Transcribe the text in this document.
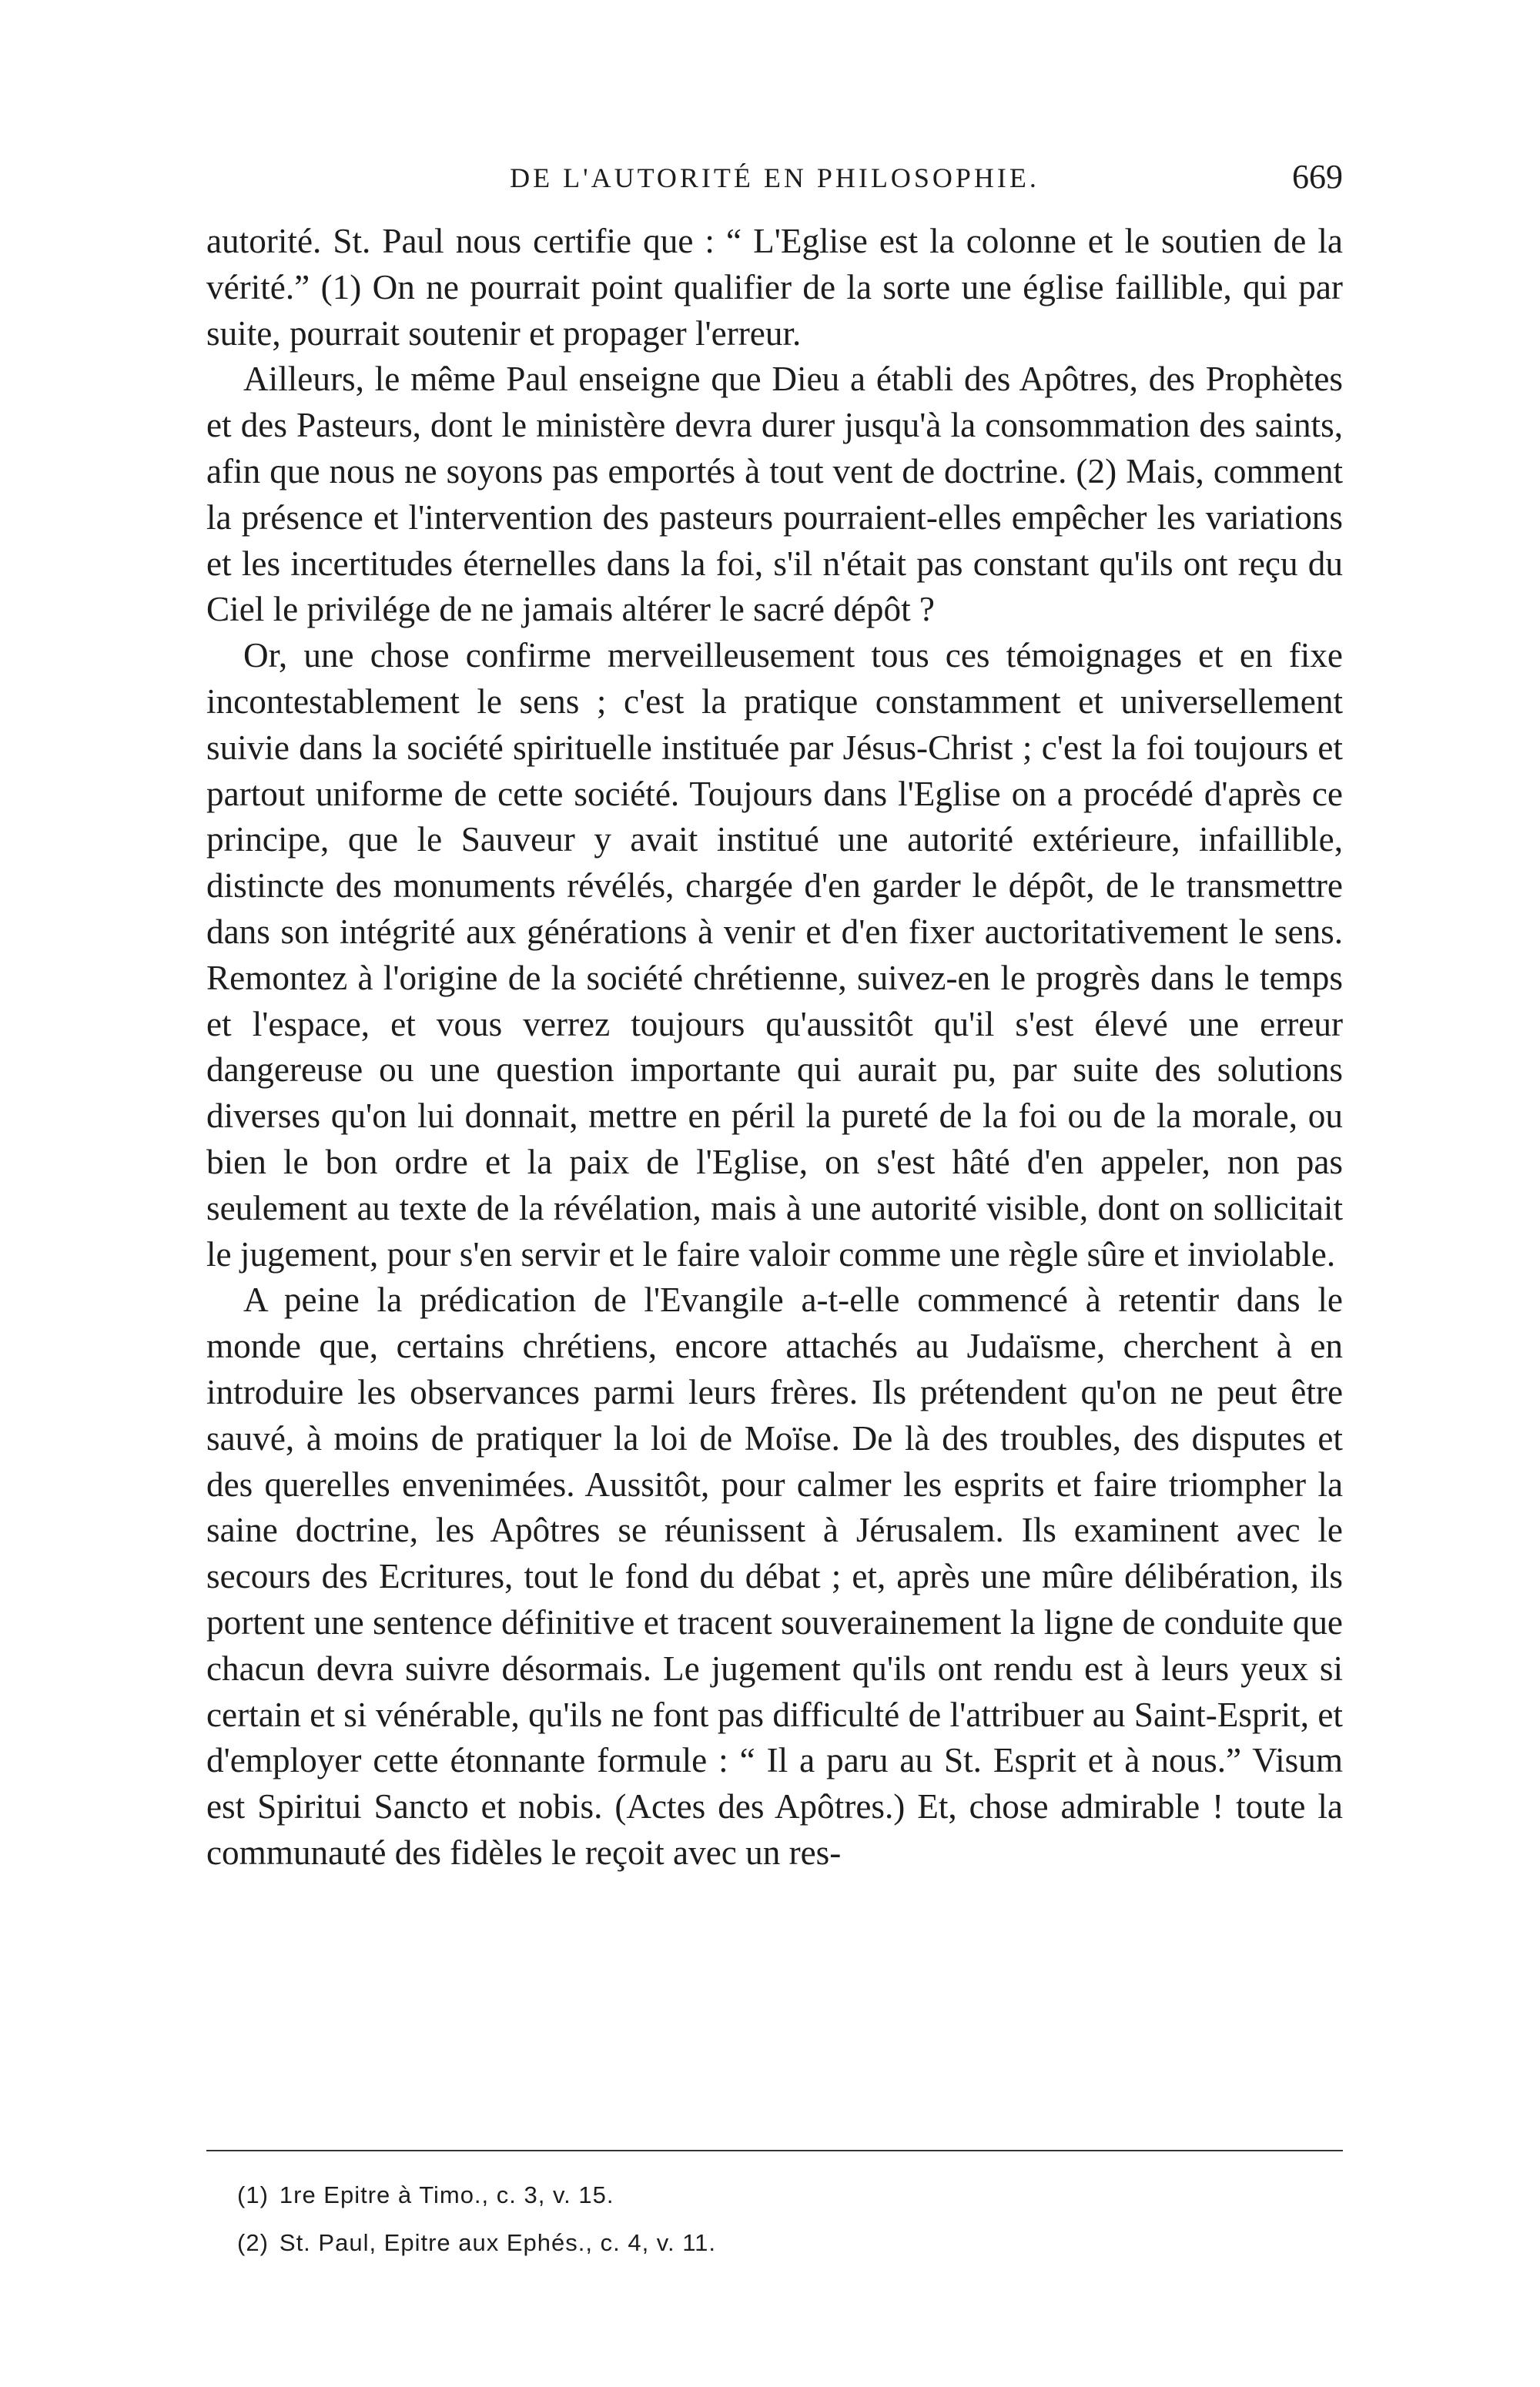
DE L'AUTORITÉ EN PHILOSOPHIE.	669

autorité. St. Paul nous certifie que : “ L'Eglise est la colonne et le soutien de la vérité.” (1) On ne pourrait point qualifier de la sorte une église faillible, qui par suite, pourrait soutenir et propager l'erreur.

Ailleurs, le même Paul enseigne que Dieu a établi des Apôtres, des Prophètes et des Pasteurs, dont le ministère devra durer jusqu'à la consommation des saints, afin que nous ne soyons pas emportés à tout vent de doctrine. (2) Mais, comment la présence et l'intervention des pasteurs pourraient-elles empêcher les variations et les incertitudes éternelles dans la foi, s'il n'était pas constant qu'ils ont reçu du Ciel le privilége de ne jamais altérer le sacré dépôt ?

Or, une chose confirme merveilleusement tous ces témoignages et en fixe incontestablement le sens ; c'est la pratique constamment et universellement suivie dans la société spirituelle instituée par Jésus-Christ ; c'est la foi toujours et partout uniforme de cette société. Toujours dans l'Eglise on a procédé d'après ce principe, que le Sauveur y avait institué une autorité extérieure, infaillible, distincte des monuments révélés, chargée d'en garder le dépôt, de le transmettre dans son intégrité aux générations à venir et d'en fixer auctoritativement le sens. Remontez à l'origine de la société chrétienne, suivez-en le progrès dans le temps et l'espace, et vous verrez toujours qu'aussitôt qu'il s'est élevé une erreur dangereuse ou une question importante qui aurait pu, par suite des solutions diverses qu'on lui donnait, mettre en péril la pureté de la foi ou de la morale, ou bien le bon ordre et la paix de l'Eglise, on s'est hâté d'en appeler, non pas seulement au texte de la révélation, mais à une autorité visible, dont on sollicitait le jugement, pour s'en servir et le faire valoir comme une règle sûre et inviolable.

A peine la prédication de l'Evangile a-t-elle commencé à retentir dans le monde que, certains chrétiens, encore attachés au Judaïsme, cherchent à en introduire les observances parmi leurs frères. Ils prétendent qu'on ne peut être sauvé, à moins de pratiquer la loi de Moïse. De là des troubles, des disputes et des querelles envenimées. Aussitôt, pour calmer les esprits et faire triompher la saine doctrine, les Apôtres se réunissent à Jérusalem. Ils examinent avec le secours des Ecritures, tout le fond du débat ; et, après une mûre délibération, ils portent une sentence définitive et tracent souverainement la ligne de conduite que chacun devra suivre désormais. Le jugement qu'ils ont rendu est à leurs yeux si certain et si vénérable, qu'ils ne font pas difficulté de l'attribuer au Saint-Esprit, et d'employer cette étonnante formule : “ Il a paru au St. Esprit et à nous.” Visum est Spiritui Sancto et nobis. (Actes des Apôtres.) Et, chose admirable ! toute la communauté des fidèles le reçoit avec un res-

(1) 1re Epitre à Timo., c. 3, v. 15.
(2) St. Paul, Epitre aux Ephés., c. 4, v. 11.
